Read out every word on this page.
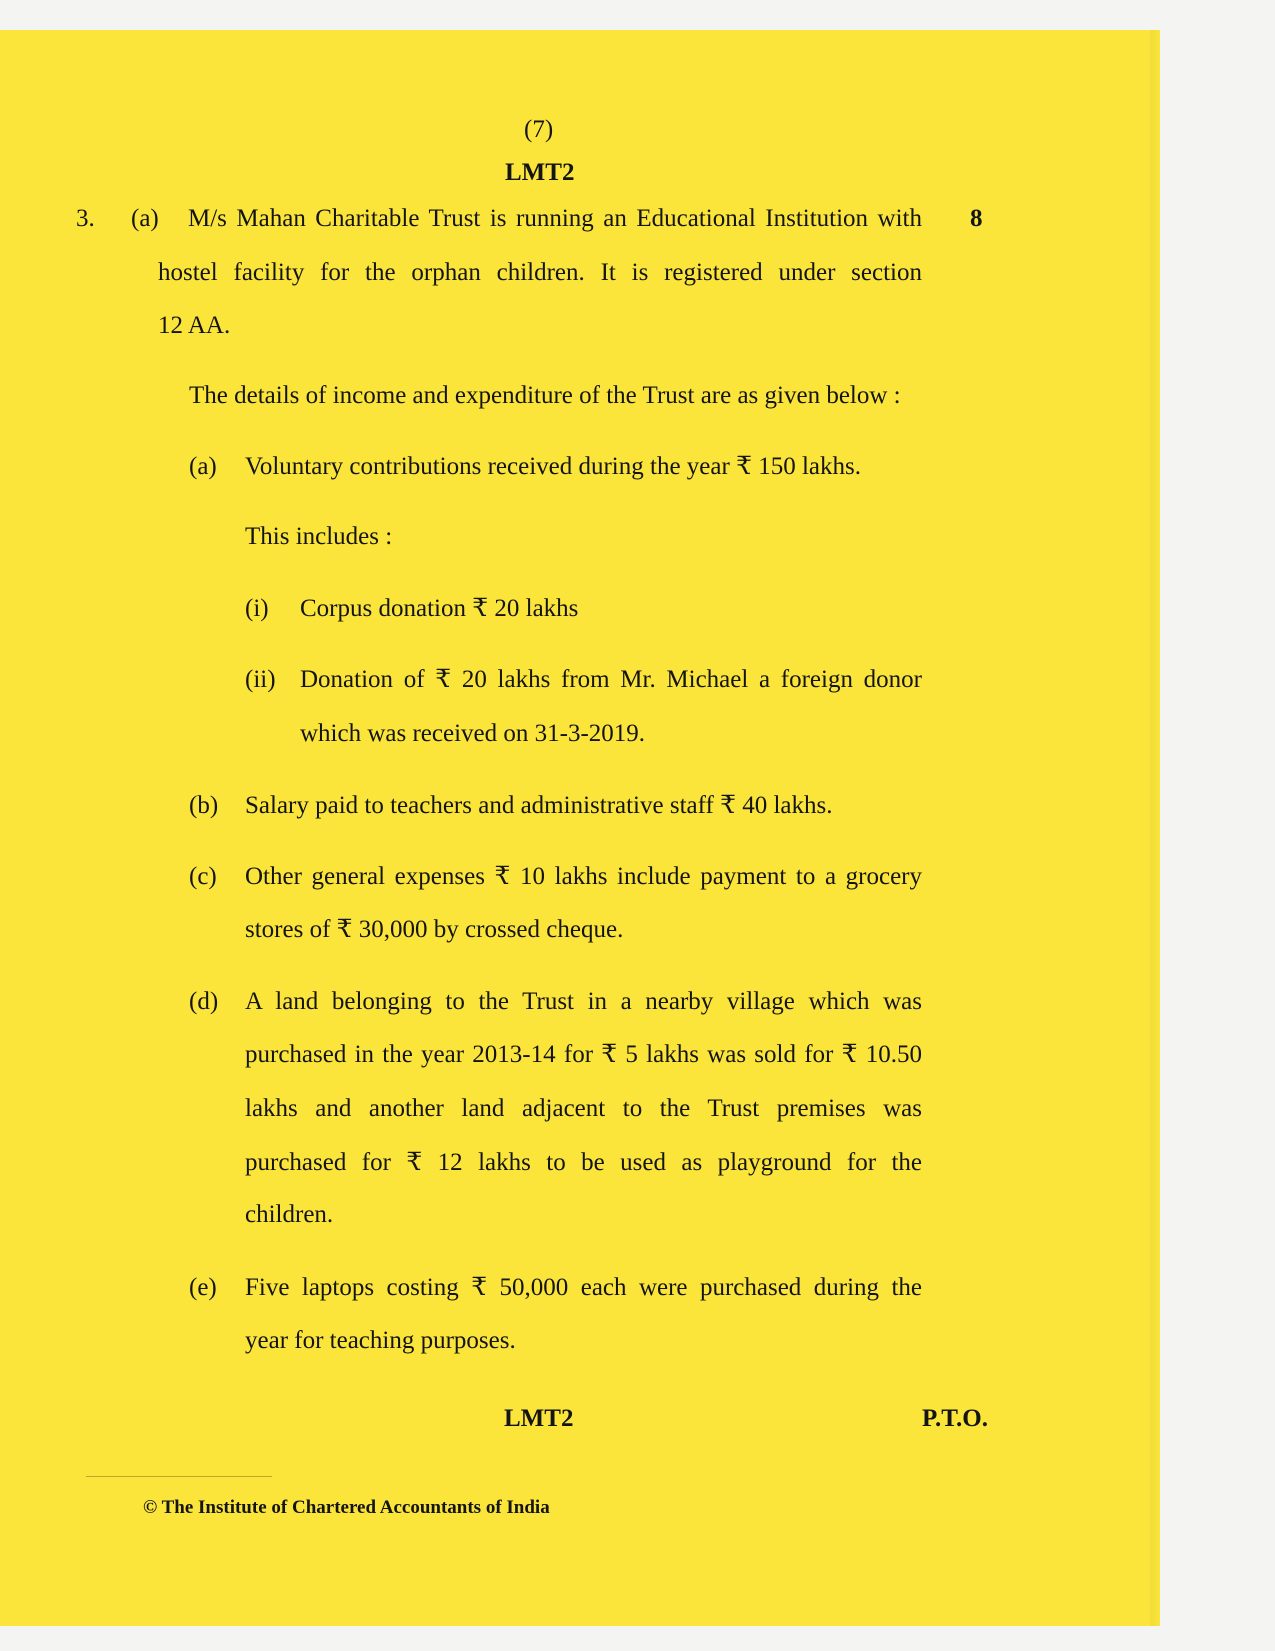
(7)
LMT2
3. (a)	8
M/s Mahan Charitable Trust is running an Educational Institution with
hostel facility for the orphan children. It is registered under section
12 AA.
The details of income and expenditure of the Trust are as given below :
(a) Voluntary contributions received during the year ₹ 150 lakhs.
This includes :
(i) Corpus donation ₹ 20 lakhs
(ii) Donation of ₹ 20 lakhs from Mr. Michael a foreign donor
which was received on 31-3-2019.
(b) Salary paid to teachers and administrative staff ₹ 40 lakhs.
(c) Other general expenses ₹ 10 lakhs include payment to a grocery
stores of ₹ 30,000 by crossed cheque.
(d) A land belonging to the Trust in a nearby village which was
purchased in the year 2013-14 for ₹ 5 lakhs was sold for ₹ 10.50
lakhs and another land adjacent to the Trust premises was
purchased for ₹ 12 lakhs to be used as playground for the
children.
(e) Five laptops costing ₹ 50,000 each were purchased during the
year for teaching purposes.
LMT2	P.T.O.
© The Institute of Chartered Accountants of India
